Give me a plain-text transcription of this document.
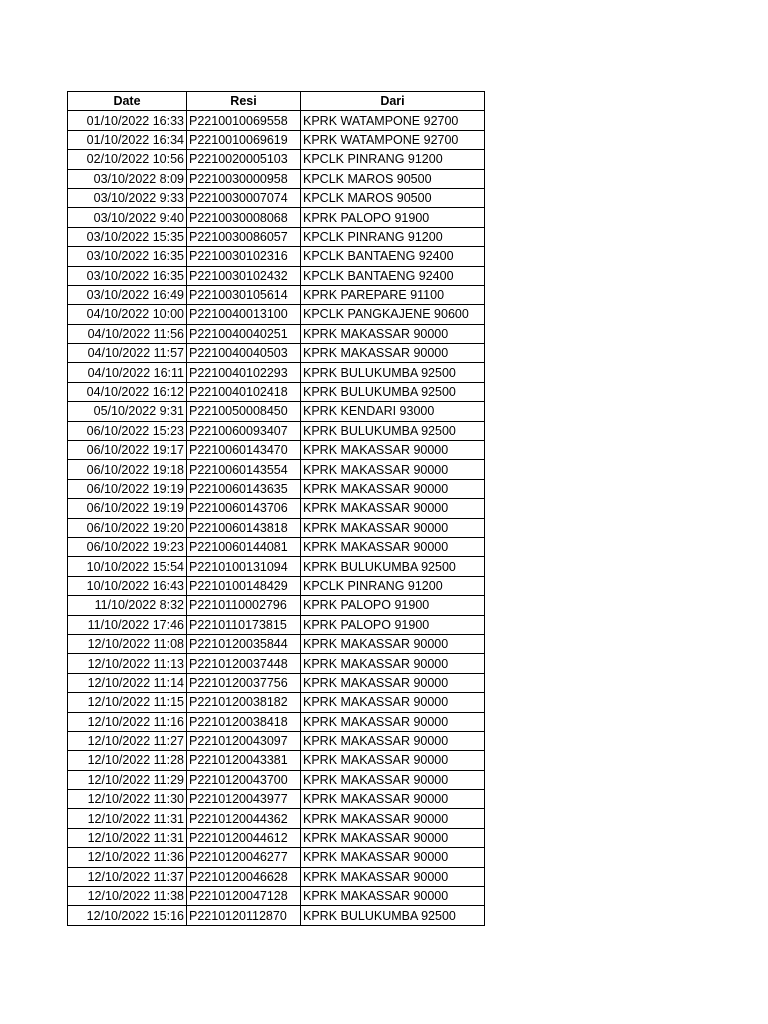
Date	Resi	Dari
01/10/2022 16:33	P2210010069558	KPRK WATAMPONE 92700
01/10/2022 16:34	P2210010069619	KPRK WATAMPONE 92700
02/10/2022 10:56	P2210020005103	KPCLK PINRANG 91200
03/10/2022 8:09	P2210030000958	KPCLK MAROS 90500
03/10/2022 9:33	P2210030007074	KPCLK MAROS 90500
03/10/2022 9:40	P2210030008068	KPRK PALOPO 91900
03/10/2022 15:35	P2210030086057	KPCLK PINRANG 91200
03/10/2022 16:35	P2210030102316	KPCLK BANTAENG 92400
03/10/2022 16:35	P2210030102432	KPCLK BANTAENG 92400
03/10/2022 16:49	P2210030105614	KPRK PAREPARE 91100
04/10/2022 10:00	P2210040013100	KPCLK PANGKAJENE 90600
04/10/2022 11:56	P2210040040251	KPRK MAKASSAR 90000
04/10/2022 11:57	P2210040040503	KPRK MAKASSAR 90000
04/10/2022 16:11	P2210040102293	KPRK BULUKUMBA 92500
04/10/2022 16:12	P2210040102418	KPRK BULUKUMBA 92500
05/10/2022 9:31	P2210050008450	KPRK KENDARI 93000
06/10/2022 15:23	P2210060093407	KPRK BULUKUMBA 92500
06/10/2022 19:17	P2210060143470	KPRK MAKASSAR 90000
06/10/2022 19:18	P2210060143554	KPRK MAKASSAR 90000
06/10/2022 19:19	P2210060143635	KPRK MAKASSAR 90000
06/10/2022 19:19	P2210060143706	KPRK MAKASSAR 90000
06/10/2022 19:20	P2210060143818	KPRK MAKASSAR 90000
06/10/2022 19:23	P2210060144081	KPRK MAKASSAR 90000
10/10/2022 15:54	P2210100131094	KPRK BULUKUMBA 92500
10/10/2022 16:43	P2210100148429	KPCLK PINRANG 91200
11/10/2022 8:32	P2210110002796	KPRK PALOPO 91900
11/10/2022 17:46	P2210110173815	KPRK PALOPO 91900
12/10/2022 11:08	P2210120035844	KPRK MAKASSAR 90000
12/10/2022 11:13	P2210120037448	KPRK MAKASSAR 90000
12/10/2022 11:14	P2210120037756	KPRK MAKASSAR 90000
12/10/2022 11:15	P2210120038182	KPRK MAKASSAR 90000
12/10/2022 11:16	P2210120038418	KPRK MAKASSAR 90000
12/10/2022 11:27	P2210120043097	KPRK MAKASSAR 90000
12/10/2022 11:28	P2210120043381	KPRK MAKASSAR 90000
12/10/2022 11:29	P2210120043700	KPRK MAKASSAR 90000
12/10/2022 11:30	P2210120043977	KPRK MAKASSAR 90000
12/10/2022 11:31	P2210120044362	KPRK MAKASSAR 90000
12/10/2022 11:31	P2210120044612	KPRK MAKASSAR 90000
12/10/2022 11:36	P2210120046277	KPRK MAKASSAR 90000
12/10/2022 11:37	P2210120046628	KPRK MAKASSAR 90000
12/10/2022 11:38	P2210120047128	KPRK MAKASSAR 90000
12/10/2022 15:16	P2210120112870	KPRK BULUKUMBA 92500
